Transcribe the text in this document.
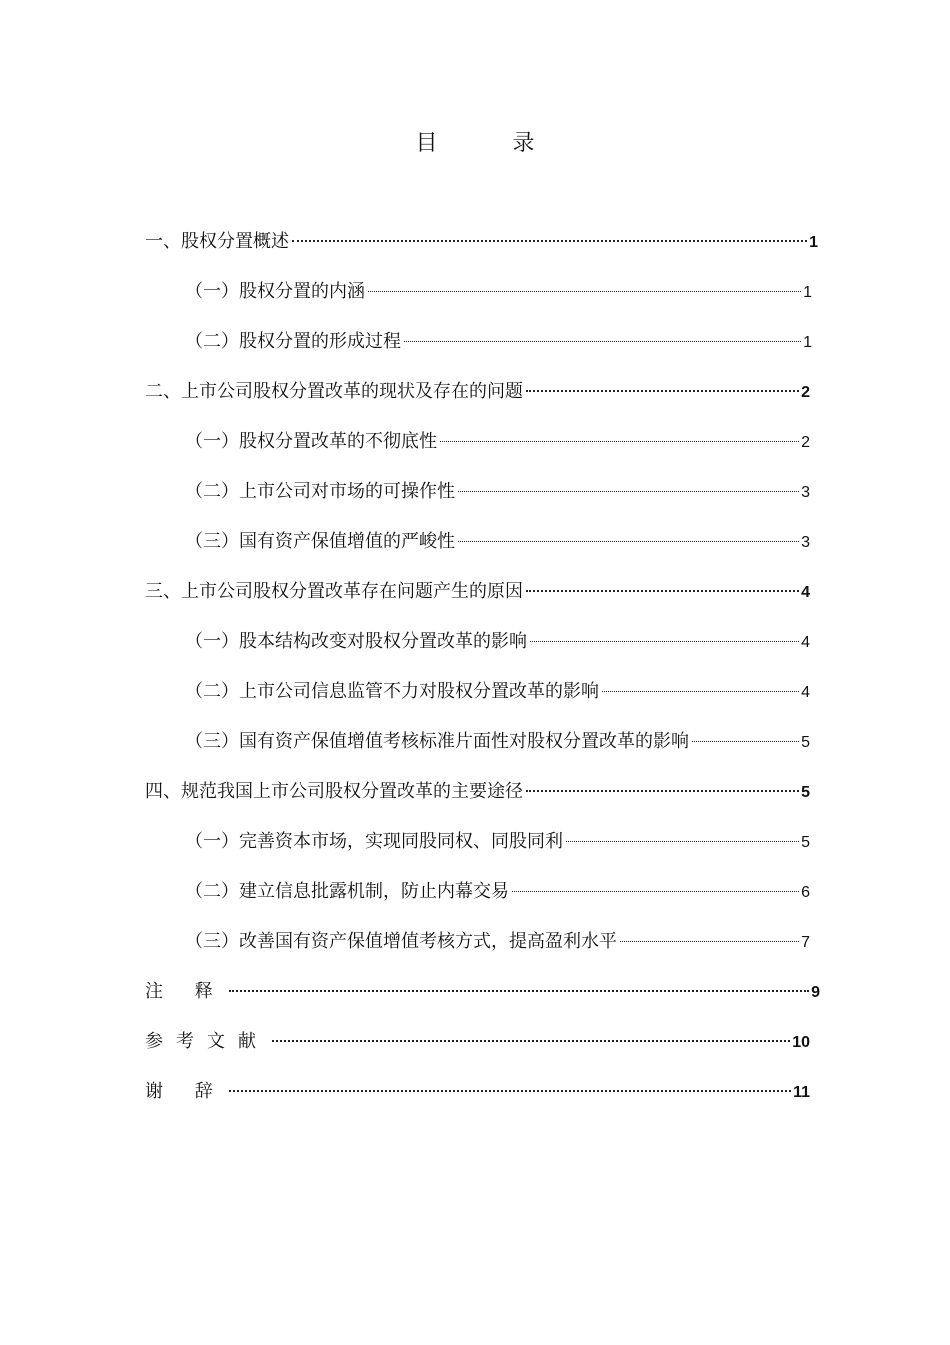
目 录
一、股权分置概述	1
（一）股权分置的内涵	1
（二）股权分置的形成过程	1
二、上市公司股权分置改革的现状及存在的问题	2
（一）股权分置改革的不彻底性	2
（二）上市公司对市场的可操作性	3
（三）国有资产保值增值的严峻性	3
三、上市公司股权分置改革存在问题产生的原因	4
（一）股本结构改变对股权分置改革的影响	4
（二）上市公司信息监管不力对股权分置改革的影响	4
（三）国有资产保值增值考核标准片面性对股权分置改革的影响	5
四、规范我国上市公司股权分置改革的主要途径	5
（一）完善资本市场，实现同股同权、同股同利	5
（二）建立信息批露机制，防止内幕交易	6
（三）改善国有资产保值增值考核方式，提高盈利水平	7
注 释	9
参考文献	10
谢 辞	11
